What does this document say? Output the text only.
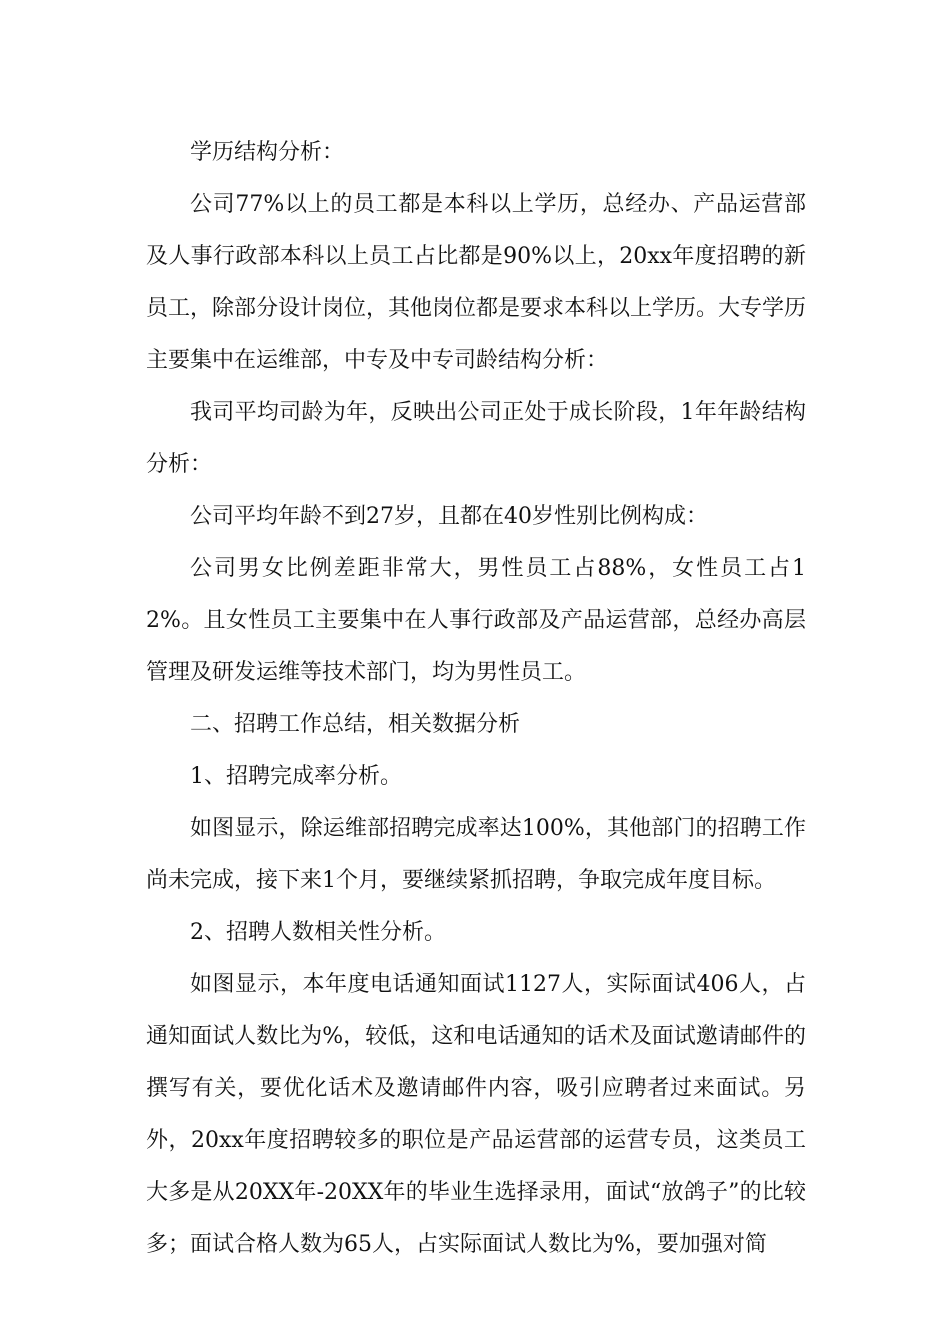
学历结构分析：

公司77%以上的员工都是本科以上学历，总经办、产品运营部及人事行政部本科以上员工占比都是90%以上，20xx年度招聘的新员工，除部分设计岗位，其他岗位都是要求本科以上学历。大专学历主要集中在运维部，中专及中专司龄结构分析：

我司平均司龄为年，反映出公司正处于成长阶段，1年年龄结构分析：

公司平均年龄不到27岁，且都在40岁性别比例构成：

公司男女比例差距非常大，男性员工占88%，女性员工占12%。且女性员工主要集中在人事行政部及产品运营部，总经办高层管理及研发运维等技术部门，均为男性员工。

二、招聘工作总结，相关数据分析

1、招聘完成率分析。

如图显示，除运维部招聘完成率达100%，其他部门的招聘工作尚未完成，接下来1个月，要继续紧抓招聘，争取完成年度目标。

2、招聘人数相关性分析。

如图显示，本年度电话通知面试1127人，实际面试406人，占通知面试人数比为%，较低，这和电话通知的话术及面试邀请邮件的撰写有关，要优化话术及邀请邮件内容，吸引应聘者过来面试。另外，20xx年度招聘较多的职位是产品运营部的运营专员，这类员工大多是从20XX年-20XX年的毕业生选择录用，面试“放鸽子”的比较多；面试合格人数为65人，占实际面试人数比为%，要加强对简
